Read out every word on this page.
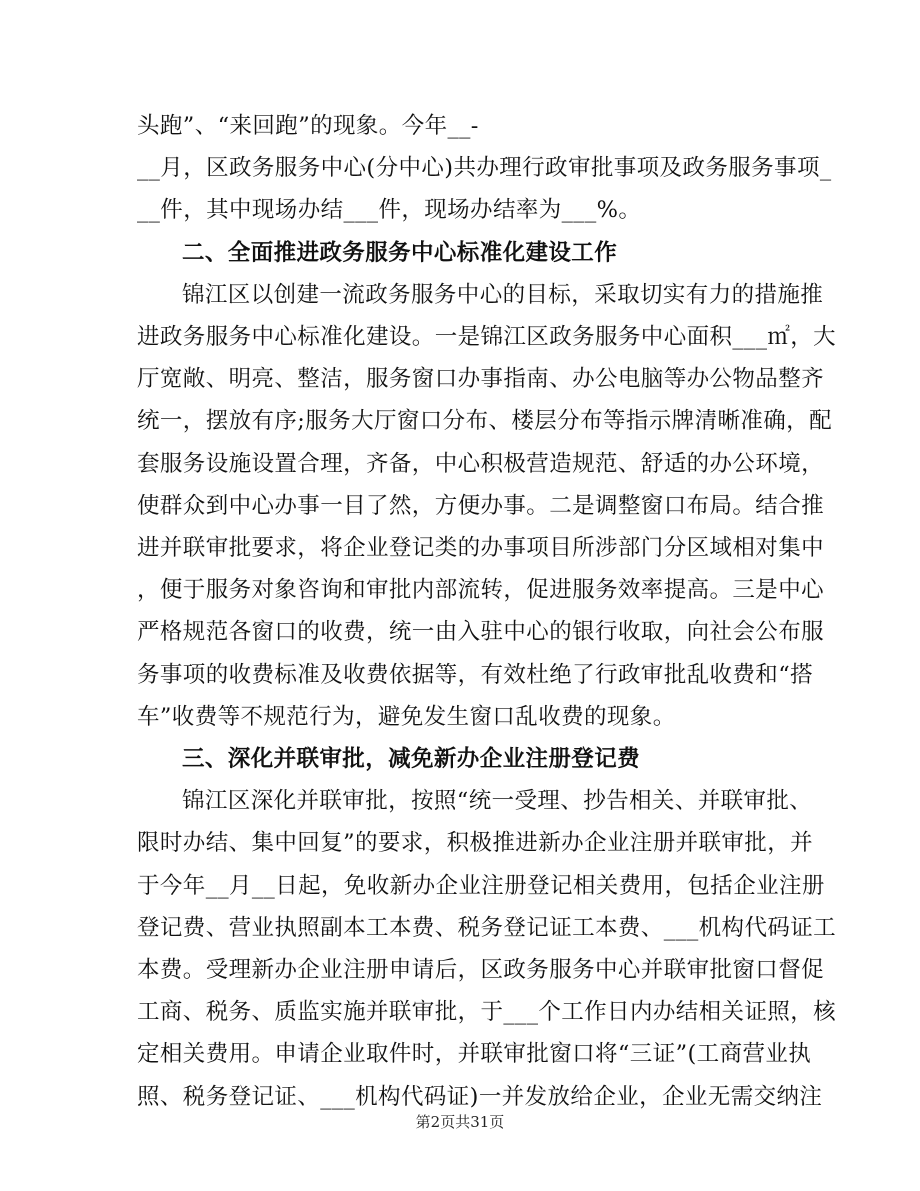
头跑”、“来回跑”的现象。今年__-
__月，区政务服务中心(分中心)共办理行政审批事项及政务服务事项_
__件，其中现场办结___件，现场办结率为___%。
二、全面推进政务服务中心标准化建设工作
锦江区以创建一流政务服务中心的目标，采取切实有力的措施推
进政务服务中心标准化建设。一是锦江区政务服务中心面积___㎡，大
厅宽敞、明亮、整洁，服务窗口办事指南、办公电脑等办公物品整齐
统一，摆放有序;服务大厅窗口分布、楼层分布等指示牌清晰准确，配
套服务设施设置合理，齐备，中心积极营造规范、舒适的办公环境，
使群众到中心办事一目了然，方便办事。二是调整窗口布局。结合推
进并联审批要求，将企业登记类的办事项目所涉部门分区域相对集中
，便于服务对象咨询和审批内部流转，促进服务效率提高。三是中心
严格规范各窗口的收费，统一由入驻中心的银行收取，向社会公布服
务事项的收费标准及收费依据等，有效杜绝了行政审批乱收费和“搭
车”收费等不规范行为，避免发生窗口乱收费的现象。
三、深化并联审批，减免新办企业注册登记费
锦江区深化并联审批，按照“统一受理、抄告相关、并联审批、
限时办结、集中回复”的要求，积极推进新办企业注册并联审批，并
于今年__月__日起，免收新办企业注册登记相关费用，包括企业注册
登记费、营业执照副本工本费、税务登记证工本费、___机构代码证工
本费。受理新办企业注册申请后，区政务服务中心并联审批窗口督促
工商、税务、质监实施并联审批，于___个工作日内办结相关证照，核
定相关费用。申请企业取件时，并联审批窗口将“三证”(工商营业执
照、税务登记证、___机构代码证)一并发放给企业，企业无需交纳注
第2页共31页
